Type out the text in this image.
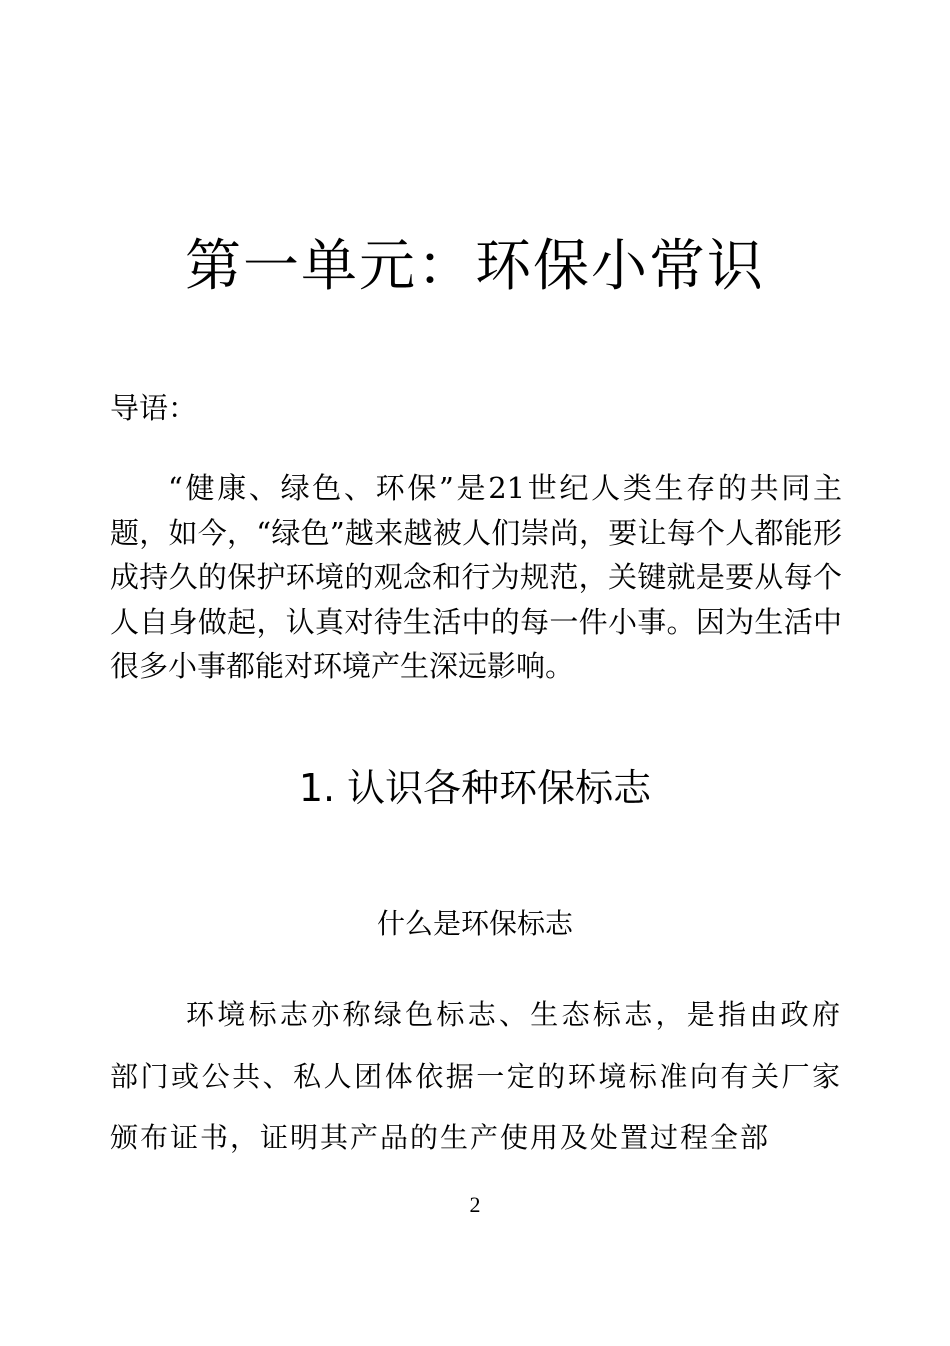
第一单元：环保小常识

导语：

“健康、绿色、环保”是21世纪人类生存的共同主题，如今，“绿色”越来越被人们崇尚，要让每个人都能形成持久的保护环境的观念和行为规范，关键就是要从每个人自身做起，认真对待生活中的每一件小事。因为生活中很多小事都能对环境产生深远影响。

1. 认识各种环保标志
什么是环保标志

环境标志亦称绿色标志、生态标志，是指由政府部门或公共、私人团体依据一定的环境标准向有关厂家颁布证书，证明其产品的生产使用及处置过程全部

2
